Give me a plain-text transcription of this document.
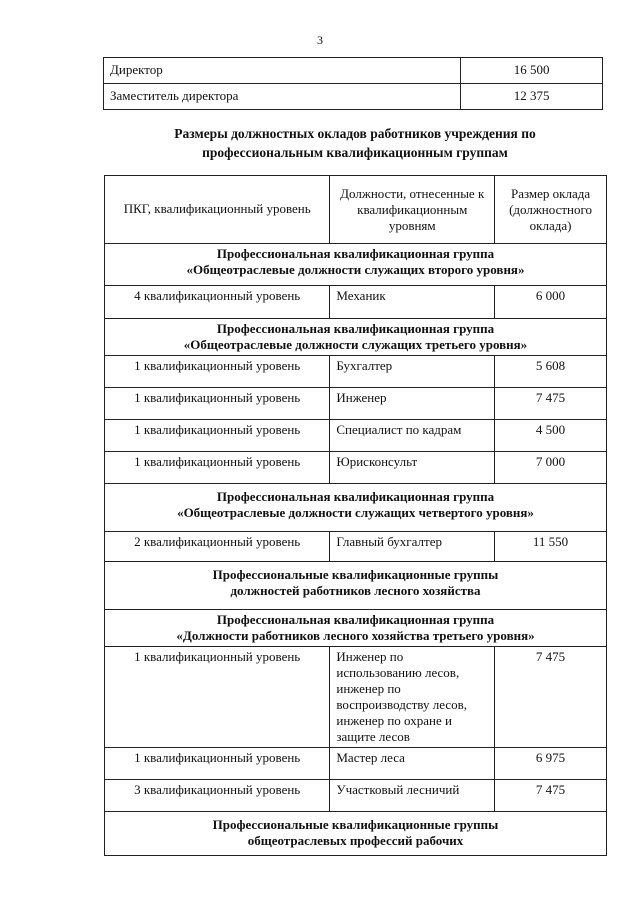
3
Директор	16 500
Заместитель директора	12 375
Размеры должностных окладов работников учреждения по
профессиональным квалификационным группам
ПКГ, квалификационный уровень	Должности, отнесенные к квалификационным уровням	Размер оклада (должностного оклада)

Профессиональная квалификационная группа
«Общеотраслевые должности служащих второго уровня»		

4 квалификационный уровень	Механик	6 000

Профессиональная квалификационная группа
«Общеотраслевые должности служащих третьего уровня»		

1 квалификационный уровень	Бухгалтер	5 608
1 квалификационный уровень	Инженер	7 475
1 квалификационный уровень	Специалист по кадрам	4 500
1 квалификационный уровень	Юрисконсульт	7 000

Профессиональная квалификационная группа
«Общеотраслевые должности служащих четвертого уровня»		

2 квалификационный уровень	Главный бухгалтер	11 550

Профессиональные квалификационные группы
должностей работников лесного хозяйства		

Профессиональная квалификационная группа
«Должности работников лесного хозяйства третьего уровня»		

1 квалификационный уровень	Инженер по использованию лесов, инженер по воспроизводству лесов, инженер по охране и защите лесов	7 475
1 квалификационный уровень	Мастер леса	6 975
3 квалификационный уровень	Участковый лесничий	7 475

Профессиональные квалификационные группы
общеотраслевых профессий рабочих		
